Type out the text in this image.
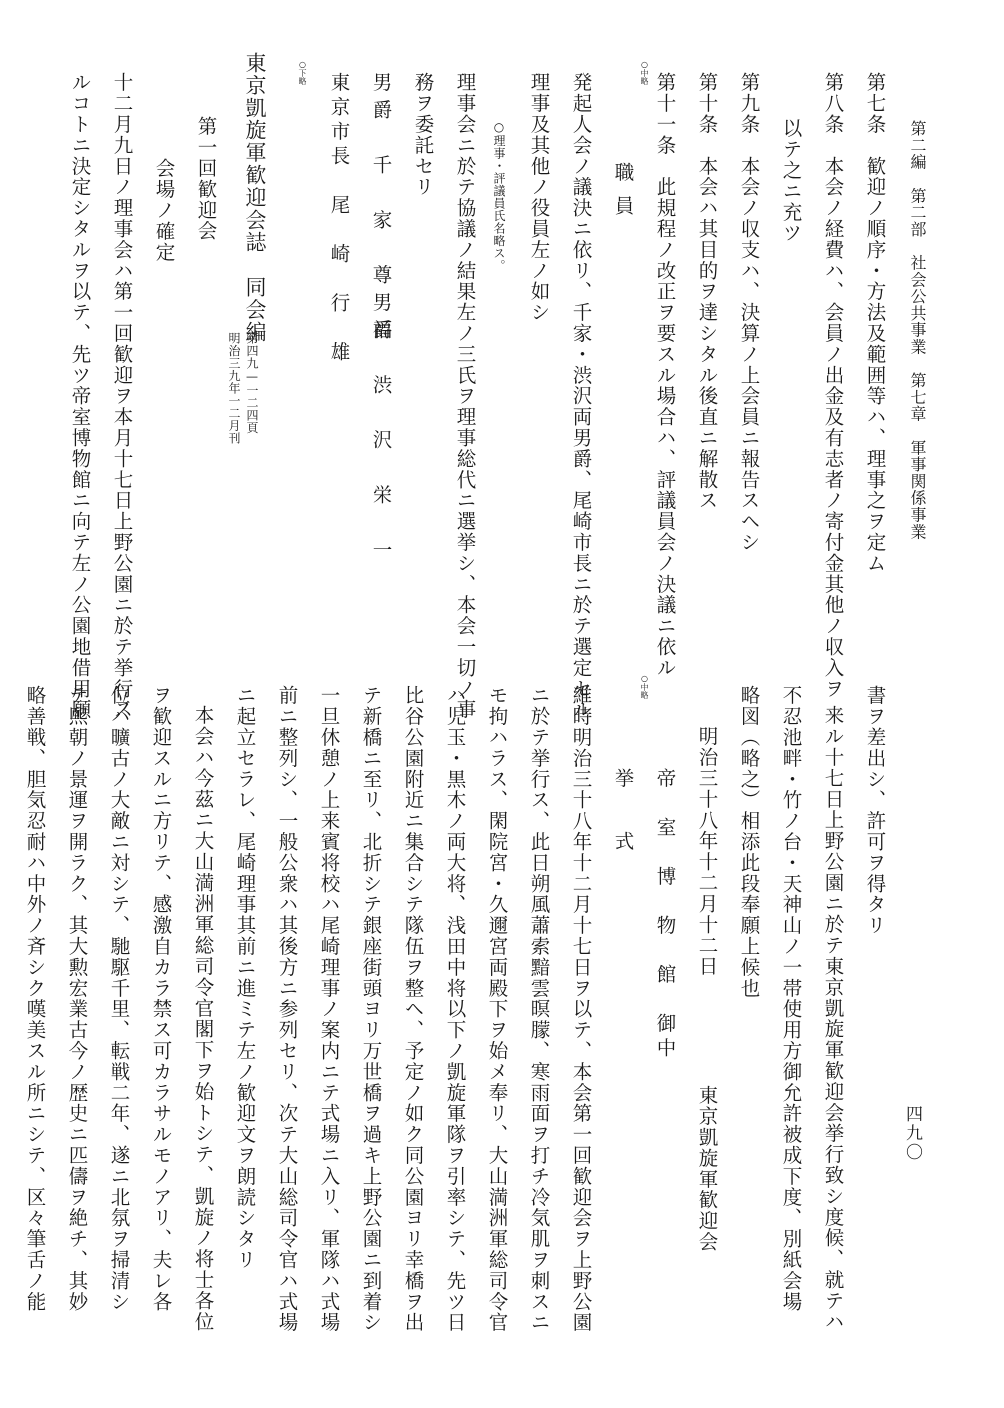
第二編　第二部　社会公共事業　第七章　軍事関係事業
四九〇
第七条　歓迎ノ順序・方法及範囲等ハ、理事之ヲ定ム
第八条　本会ノ経費ハ、会員ノ出金及有志者ノ寄付金其他ノ収入ヲ
以テ之ニ充ツ
第九条　本会ノ収支ハ、決算ノ上会員ニ報告スヘシ
第十条　本会ハ其目的ヲ達シタル後直ニ解散ス
第十一条　此規程ノ改正ヲ要スル場合ハ、評議員会ノ決議ニ依ル
○中略
職員
発起人会ノ議決ニ依リ、千家・渋沢両男爵、尾崎市長ニ於テ選定セル
理事及其他ノ役員左ノ如シ
○理事・評議員氏名略ス。
理事会ニ於テ協議ノ結果左ノ三氏ヲ理事総代ニ選挙シ、本会一切ノ事
務ヲ委託セリ
男爵　千　家　尊　福
男爵　渋　沢　栄　一
東京市長　尾　崎　行　雄
○下略
東京凱旋軍歓迎会誌　同会編
第四九—一二四頁
明治三九年一二月刊
第一回歓迎会
会場ノ確定
十二月九日ノ理事会ハ第一回歓迎ヲ本月十七日上野公園ニ於テ挙行ス
ルコトニ決定シタルヲ以テ、先ツ帝室博物館ニ向テ左ノ公園地借用願
書ヲ差出シ、許可ヲ得タリ
来ル十七日上野公園ニ於テ東京凱旋軍歓迎会挙行致シ度候、就テハ
不忍池畔・竹ノ台・天神山ノ一帯使用方御允許被成下度、別紙会場
略図（略之）相添此段奉願上候也
明治三十八年十二月十二日
東京凱旋軍歓迎会
帝　室　博　物　館　御中
○中略
挙　式
維時明治三十八年十二月十七日ヲ以テ、本会第一回歓迎会ヲ上野公園
ニ於テ挙行ス、此日朔風蕭索黯雲暝朦、寒雨面ヲ打チ冷気肌ヲ刺スニ
モ拘ハラス、閑院宮・久邇宮両殿下ヲ始メ奉リ、大山満洲軍総司令官
ハ児玉・黒木ノ両大将、浅田中将以下ノ凱旋軍隊ヲ引率シテ、先ツ日
比谷公園附近ニ集合シテ隊伍ヲ整ヘ、予定ノ如ク同公園ヨリ幸橋ヲ出
テ新橋ニ至リ、北折シテ銀座街頭ヨリ万世橋ヲ過キ上野公園ニ到着シ
一旦休憩ノ上来賓将校ハ尾崎理事ノ案内ニテ式場ニ入リ、軍隊ハ式場
前ニ整列シ、一般公衆ハ其後方ニ参列セリ、次テ大山総司令官ハ式場
ニ起立セラレ、尾崎理事其前ニ進ミテ左ノ歓迎文ヲ朗読シタリ
本会ハ今茲ニ大山満洲軍総司令官閣下ヲ始トシテ、凱旋ノ将士各位
ヲ歓迎スルニ方リテ、感激自カラ禁ス可カラサルモノアリ、夫レ各
位ハ曠古ノ大敵ニ対シテ、馳駆千里、転戦二年、遂ニ北氛ヲ掃清シ
テ煕朝ノ景運ヲ開ラク、其大勲宏業古今ノ歴史ニ匹儔ヲ絶チ、其妙
略善戦、胆気忍耐ハ中外ノ斉シク嘆美スル所ニシテ、区々筆舌ノ能
